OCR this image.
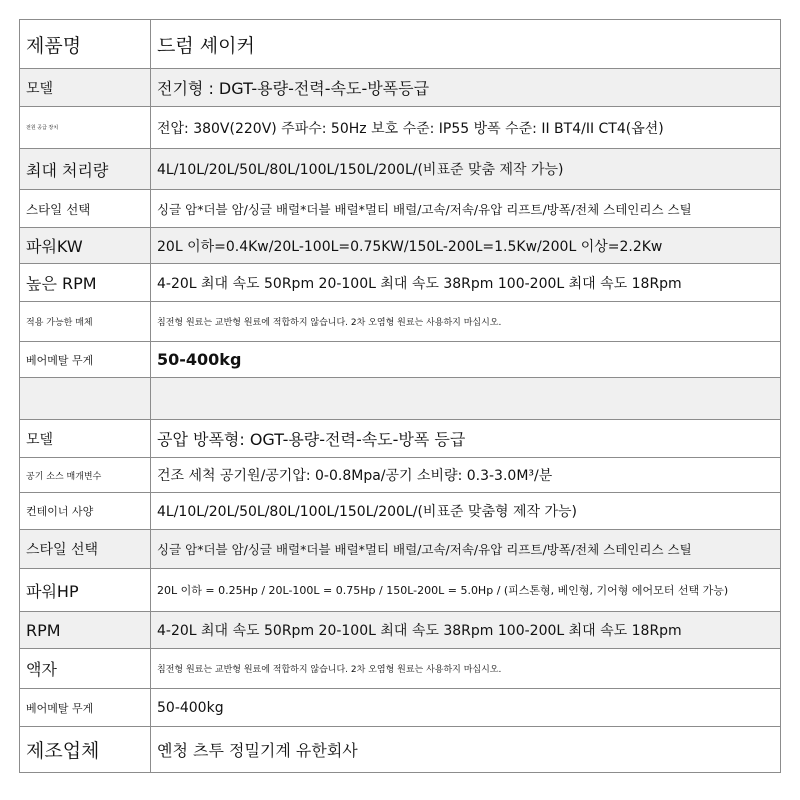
제품명	드럼 셰이커
모델	전기형 : DGT-용량-전력-속도-방폭등급
전원 공급 장치	전압: 380V(220V) 주파수: 50Hz 보호 수준: IP55 방폭 수준: II BT4/II CT4(옵션)
최대 처리량	4L/10L/20L/50L/80L/100L/150L/200L/(비표준 맞춤 제작 가능)
스타일 선택	싱글 암*더블 암/싱글 배럴*더블 배럴*멀티 배럴/고속/저속/유압 리프트/방폭/전체 스테인리스 스틸
파워KW	20L 이하=0.4Kw/20L-100L=0.75KW/150L-200L=1.5Kw/200L 이상=2.2Kw
높은 RPM	4-20L 최대 속도 50Rpm 20-100L 최대 속도 38Rpm 100-200L 최대 속도 18Rpm
적용 가능한 매체	침전형 원료는 교반형 원료에 적합하지 않습니다. 2차 오염형 원료는 사용하지 마십시오.
베어메탈 무게	50-400kg

모델	공압 방폭형: OGT-용량-전력-속도-방폭 등급
공기 소스 매개변수	건조 세척 공기원/공기압: 0-0.8Mpa/공기 소비량: 0.3-3.0M³/분
컨테이너 사양	4L/10L/20L/50L/80L/100L/150L/200L/(비표준 맞춤형 제작 가능)
스타일 선택	싱글 암*더블 암/싱글 배럴*더블 배럴*멀티 배럴/고속/저속/유압 리프트/방폭/전체 스테인리스 스틸
파워HP	20L 이하 = 0.25Hp / 20L-100L = 0.75Hp / 150L-200L = 5.0Hp / (피스톤형, 베인형, 기어형 에어모터 선택 가능)
RPM	4-20L 최대 속도 50Rpm 20-100L 최대 속도 38Rpm 100-200L 최대 속도 18Rpm
액자	침전형 원료는 교반형 원료에 적합하지 않습니다. 2차 오염형 원료는 사용하지 마십시오.
베어메탈 무게	50-400kg
제조업체	옌청 츠투 정밀기계 유한회사
